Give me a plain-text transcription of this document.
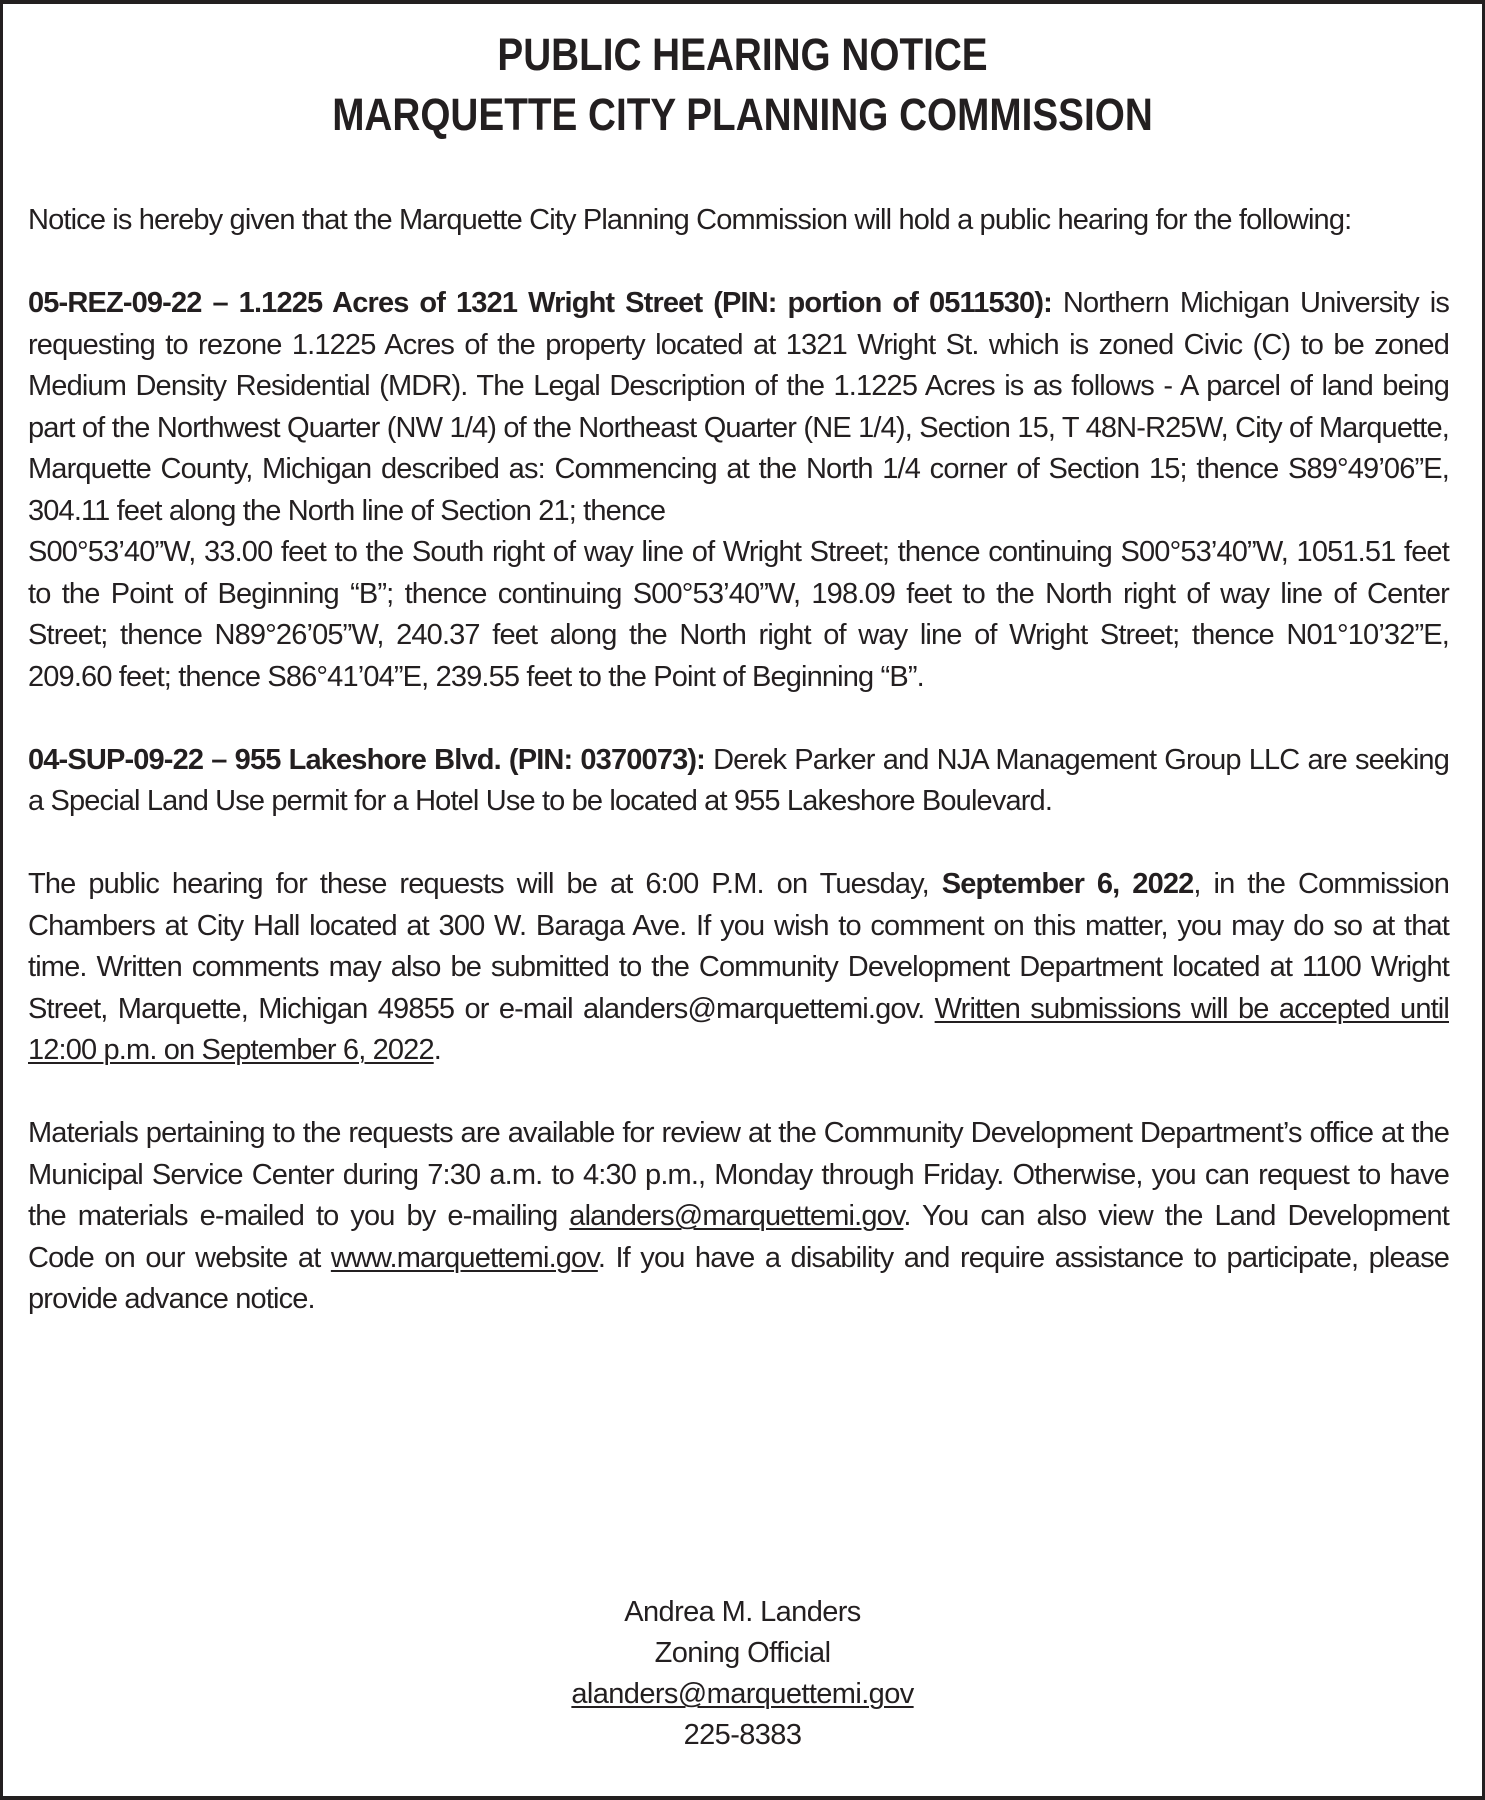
PUBLIC HEARING NOTICE
MARQUETTE CITY PLANNING COMMISSION

Notice is hereby given that the Marquette City Planning Commission will hold a public hearing for the following:

05-REZ-09-22 – 1.1225 Acres of 1321 Wright Street (PIN: portion of 0511530): Northern Michigan University is requesting to rezone 1.1225 Acres of the property located at 1321 Wright St. which is zoned Civic (C) to be zoned Medium Density Residential (MDR). The Legal Description of the 1.1225 Acres is as follows - A parcel of land being part of the Northwest Quarter (NW 1/4) of the Northeast Quarter (NE 1/4), Section 15, T 48N-R25W, City of Marquette, Marquette County, Michigan described as: Commencing at the North 1/4 corner of Section 15; thence S89°49’06”E, 304.11 feet along the North line of Section 21; thence

S00°53’40”W, 33.00 feet to the South right of way line of Wright Street; thence continuing S00°53’40”W, 1051.51 feet to the Point of Beginning “B”; thence continuing S00°53’40”W, 198.09 feet to the North right of way line of Center Street; thence N89°26’05”W, 240.37 feet along the North right of way line of Wright Street; thence N01°10’32”E, 209.60 feet; thence S86°41’04”E, 239.55 feet to the Point of Beginning “B”.

04-SUP-09-22 – 955 Lakeshore Blvd. (PIN: 0370073): Derek Parker and NJA Management Group LLC are seeking a Special Land Use permit for a Hotel Use to be located at 955 Lakeshore Boulevard.

The public hearing for these requests will be at 6:00 P.M. on Tuesday, September 6, 2022, in the Commission Chambers at City Hall located at 300 W. Baraga Ave. If you wish to comment on this matter, you may do so at that time. Written comments may also be submitted to the Community Development Department located at 1100 Wright Street, Marquette, Michigan 49855 or e-mail alanders@marquettemi.gov. Written submissions will be accepted until 12:00 p.m. on September 6, 2022.

Materials pertaining to the requests are available for review at the Community Development Department’s office at the Municipal Service Center during 7:30 a.m. to 4:30 p.m., Monday through Friday. Otherwise, you can request to have the materials e-mailed to you by e-mailing alanders@marquettemi.gov. You can also view the Land Development Code on our website at www.marquettemi.gov. If you have a disability and require assistance to participate, please provide advance notice.

Andrea M. Landers
Zoning Official
alanders@marquettemi.gov
225-8383
